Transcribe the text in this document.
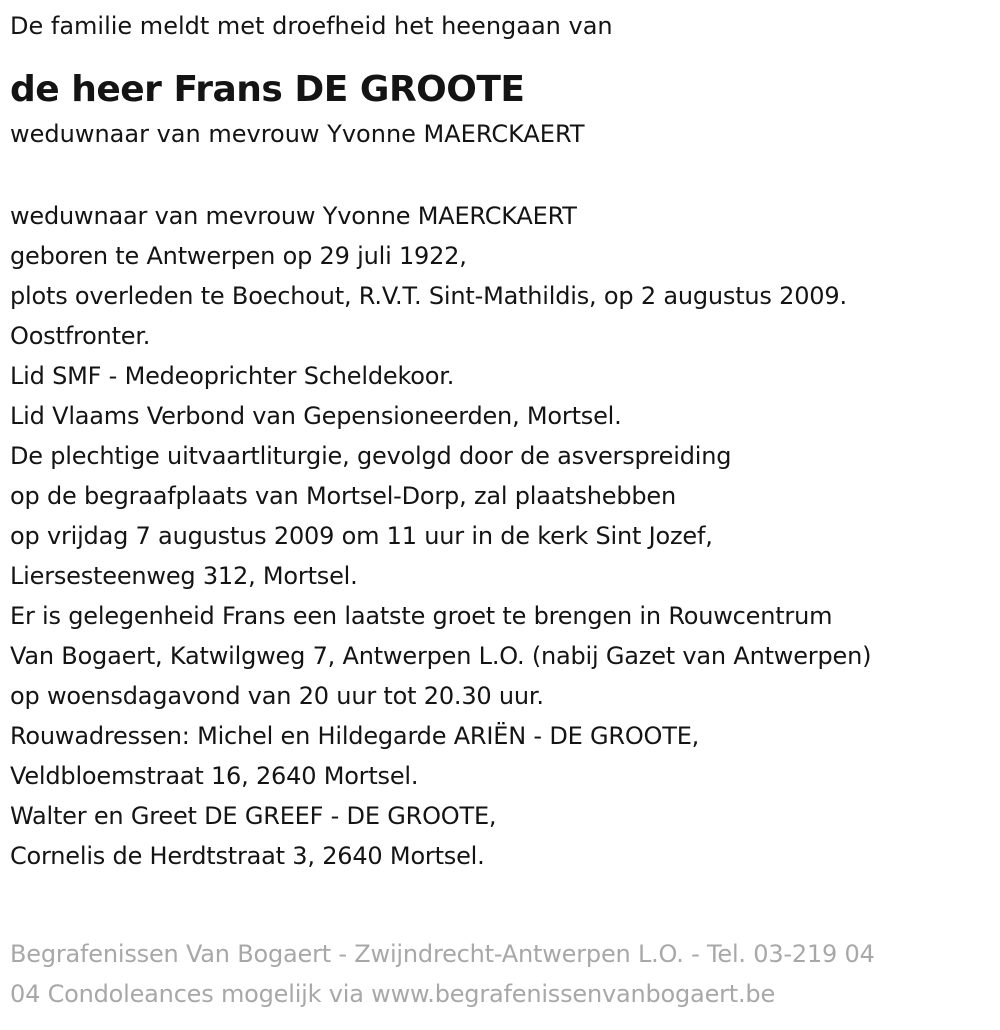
De familie meldt met droefheid het heengaan van

de heer Frans DE GROOTE

weduwnaar van mevrouw Yvonne MAERCKAERT

weduwnaar van mevrouw Yvonne MAERCKAERT
geboren te Antwerpen op 29 juli 1922,
plots overleden te Boechout, R.V.T. Sint-Mathildis, op 2 augustus 2009.
Oostfronter.
Lid SMF - Medeoprichter Scheldekoor.
Lid Vlaams Verbond van Gepensioneerden, Mortsel.
De plechtige uitvaartliturgie, gevolgd door de asverspreiding
op de begraafplaats van Mortsel-Dorp, zal plaatshebben
op vrijdag 7 augustus 2009 om 11 uur in de kerk Sint Jozef,
Liersesteenweg 312, Mortsel.
Er is gelegenheid Frans een laatste groet te brengen in Rouwcentrum
Van Bogaert, Katwilgweg 7, Antwerpen L.O. (nabij Gazet van Antwerpen)
op woensdagavond van 20 uur tot 20.30 uur.
Rouwadressen: Michel en Hildegarde ARIËN - DE GROOTE,
Veldbloemstraat 16, 2640 Mortsel.
Walter en Greet DE GREEF - DE GROOTE,
Cornelis de Herdtstraat 3, 2640 Mortsel.
Begrafenissen Van Bogaert - Zwijndrecht-Antwerpen L.O. - Tel. 03-219 04
04 Condoleances mogelijk via www.begrafenissenvanbogaert.be
